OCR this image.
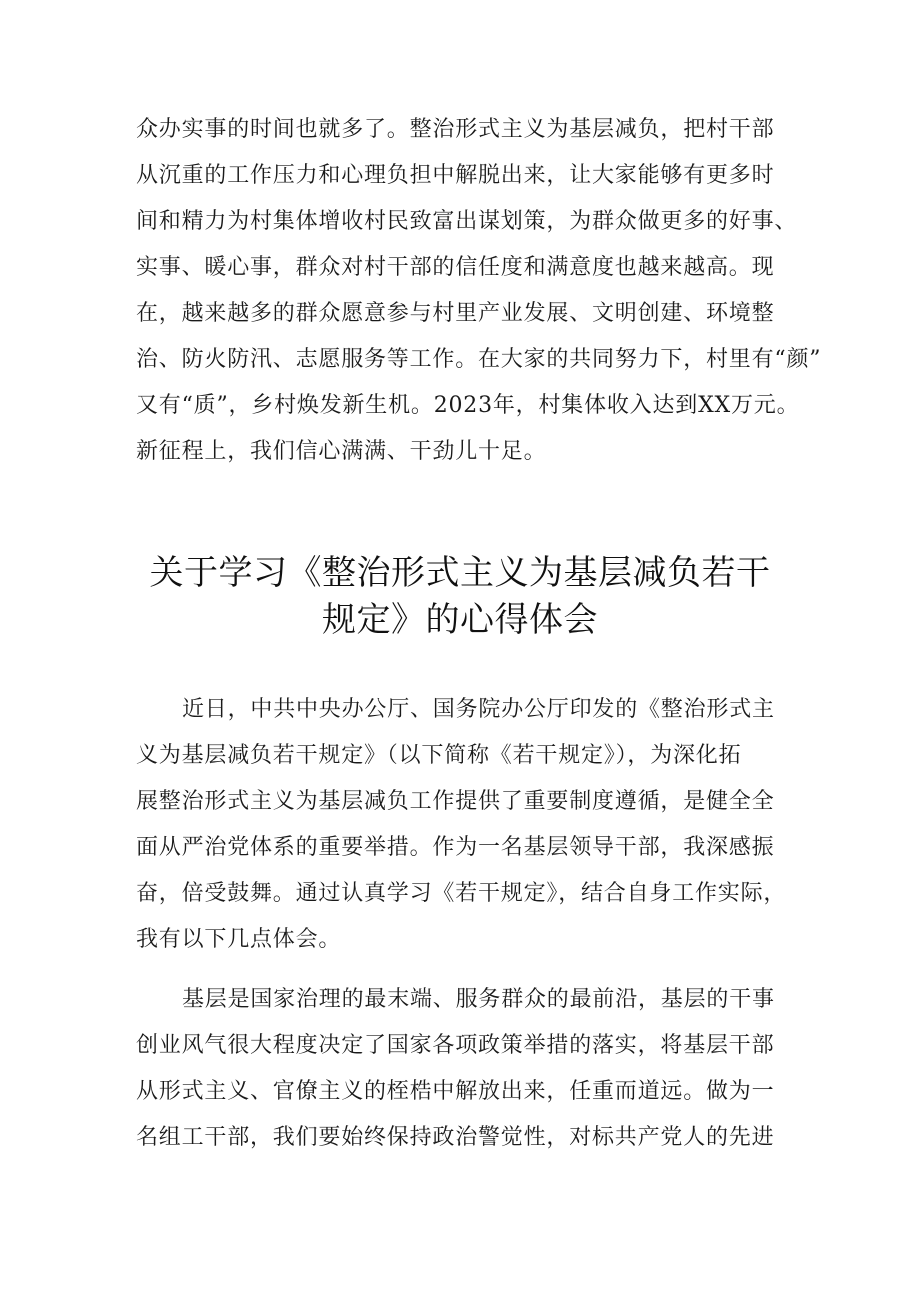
众办实事的时间也就多了。整治形式主义为基层减负，把村干部
从沉重的工作压力和心理负担中解脱出来，让大家能够有更多时
间和精力为村集体增收村民致富出谋划策，为群众做更多的好事、
实事、暖心事，群众对村干部的信任度和满意度也越来越高。现
在，越来越多的群众愿意参与村里产业发展、文明创建、环境整
治、防火防汛、志愿服务等工作。在大家的共同努力下，村里有“颜”
又有“质”，乡村焕发新生机。2023年，村集体收入达到XX万元。
新征程上，我们信心满满、干劲儿十足。
关于学习《整治形式主义为基层减负若干
规定》的心得体会
近日，中共中央办公厅、国务院办公厅印发的《整治形式主
义为基层减负若干规定》（以下简称《若干规定》），为深化拓
展整治形式主义为基层减负工作提供了重要制度遵循，是健全全
面从严治党体系的重要举措。作为一名基层领导干部，我深感振
奋，倍受鼓舞。通过认真学习《若干规定》，结合自身工作实际，
我有以下几点体会。
基层是国家治理的最末端、服务群众的最前沿，基层的干事
创业风气很大程度决定了国家各项政策举措的落实，将基层干部
从形式主义、官僚主义的桎梏中解放出来，任重而道远。做为一
名组工干部，我们要始终保持政治警觉性，对标共产党人的先进
